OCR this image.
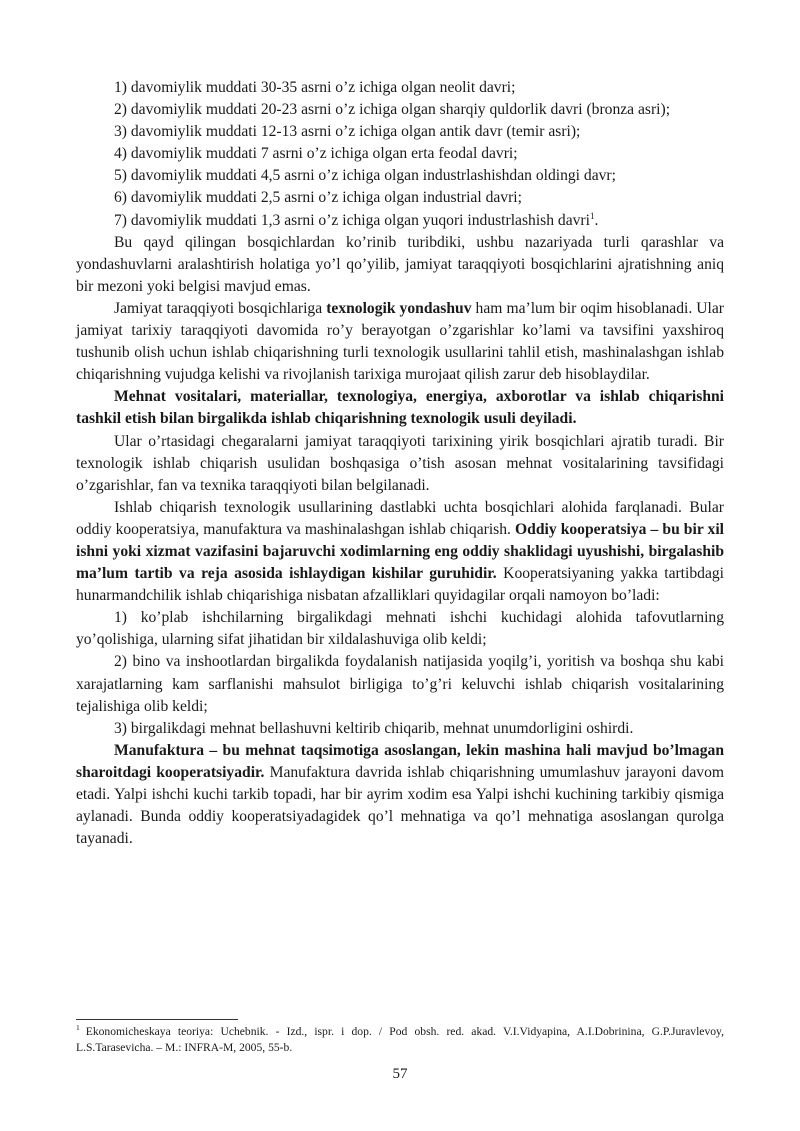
1) davomiylik muddati 30-35 asrni o’z ichiga olgan neolit davri;

2) davomiylik muddati 20-23 asrni o’z ichiga olgan sharqiy quldorlik davri (bronza asri);

3) davomiylik muddati 12-13 asrni o’z ichiga olgan antik davr (temir asri);

4) davomiylik muddati 7 asrni o’z ichiga olgan erta feodal davri;

5) davomiylik muddati 4,5 asrni o’z ichiga olgan industrlashishdan oldingi davr;

6) davomiylik muddati 2,5 asrni o’z ichiga olgan industrial davri;

7) davomiylik muddati 1,3 asrni o’z ichiga olgan yuqori industrlashish davri$^1$.

Bu qayd qilingan bosqichlardan ko’rinib turibdiki, ushbu nazariyada turli qarashlar va yondashuvlarni aralashtirish holatiga yo’l qo’yilib, jamiyat taraqqiyoti bosqichlarini ajratishning aniq bir mezoni yoki belgisi mavjud emas.

Jamiyat taraqqiyoti bosqichlariga texnologik yondashuv ham ma’lum bir oqim hisoblanadi. Ular jamiyat tarixiy taraqqiyoti davomida ro’y berayotgan o’zgarishlar ko’lami va tavsifini yaxshiroq tushunib olish uchun ishlab chiqarishning turli texnologik usullarini tahlil etish, mashinalashgan ishlab chiqarishning vujudga kelishi va rivojlanish tarixiga murojaat qilish zarur deb hisoblaydilar.

Mehnat vositalari, materiallar, texnologiya, energiya, axborotlar va ishlab chiqarishni tashkil etish bilan birgalikda ishlab chiqarishning texnologik usuli deyiladi.

Ular o’rtasidagi chegaralarni jamiyat taraqqiyoti tarixining yirik bosqichlari ajratib turadi. Bir texnologik ishlab chiqarish usulidan boshqasiga o’tish asosan mehnat vositalarining tavsifidagi o’zgarishlar, fan va texnika taraqqiyoti bilan belgilanadi.

Ishlab chiqarish texnologik usullarining dastlabki uchta bosqichlari alohida farqlanadi. Bular oddiy kooperatsiya, manufaktura va mashinalashgan ishlab chiqarish. Oddiy kooperatsiya – bu bir xil ishni yoki xizmat vazifasini bajaruvchi xodimlarning eng oddiy shaklidagi uyushishi, birgalashib ma’lum tartib va reja asosida ishlaydigan kishilar guruhidir. Kooperatsiyaning yakka tartibdagi hunarmandchilik ishlab chiqarishiga nisbatan afzalliklari quyidagilar orqali namoyon bo’ladi:

1) ko’plab ishchilarning birgalikdagi mehnati ishchi kuchidagi alohida tafovutlarning yo’qolishiga, ularning sifat jihatidan bir xildalashuviga olib keldi;

2) bino va inshootlardan birgalikda foydalanish natijasida yoqilg’i, yoritish va boshqa shu kabi xarajatlarning kam sarflanishi mahsulot birligiga to’g’ri keluvchi ishlab chiqarish vositalarining tejalishiga olib keldi;

3) birgalikdagi mehnat bellashuvni keltirib chiqarib, mehnat unumdorligini oshirdi.

Manufaktura – bu mehnat taqsimotiga asoslangan, lekin mashina hali mavjud bo’lmagan sharoitdagi kooperatsiyadir. Manufaktura davrida ishlab chiqarishning umumlashuv jarayoni davom etadi. Yalpi ishchi kuchi tarkib topadi, har bir ayrim xodim esa Yalpi ishchi kuchining tarkibiy qismiga aylanadi. Bunda oddiy kooperatsiyadagidek qo’l mehnatiga va qo’l mehnatiga asoslangan qurolga tayanadi.

$^1$ Ekonomicheskaya teoriya: Uchebnik. - Izd., ispr. i dop. / Pod obsh. red. akad. V.I.Vidyapina, A.I.Dobrinina, G.P.Juravlevoy, L.S.Tarasevicha. – M.: INFRA-M, 2005, 55-b.
57
